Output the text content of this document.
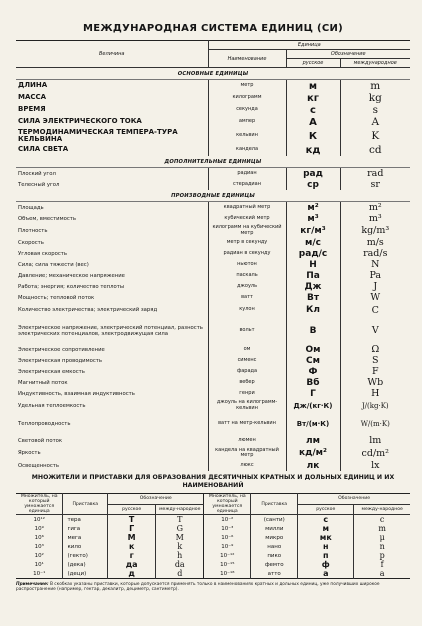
МЕЖДУНАРОДНАЯ СИСТЕМА ЕДИНИЦ (СИ)
Величина	Единица		
	Наименование	Обозначение	
		русское	международное
ОСНОВНЫЕ ЕДИНИЦЫ			
ДЛИНА	метр	м	m
МАССА	килограмм	кг	kg
ВРЕМЯ	секунда	с	s
СИЛА ЭЛЕКТРИЧЕСКОГО ТОКА	ампер	А	A
ТЕРМОДИНАМИЧЕСКАЯ ТЕМПЕРА-ТУРА КЕЛЬВИНА	кельвин	К	K
СИЛА СВЕТА	кандела	кд	cd
ДОПОЛНИТЕЛЬНЫЕ ЕДИНИЦЫ			
Плоский угол	радиан	рад	rad
Телесный угол	стерадиан	ср	sr
ПРОИЗВОДНЫЕ ЕДИНИЦЫ			
Площадь	квадратный метр	м²	m²
Объем, вместимость	кубический метр	м³	m³
Плотность	килограмм на кубический метр	кг/м³	kg/m³
Скорость	метр в секунду	м/с	m/s
Угловая скорость	радиан в секунду	рад/с	rad/s
Сила; сила тяжести (вес)	ньютон	Н	N
Давление; механическое напряжение	паскаль	Па	Pa
Работа; энергия; количество теплоты	джоуль	Дж	J
Мощность; тепловой поток	ватт	Вт	W
Количество электричества; электрический заряд	кулон	Кл	C
Электрическое напряжение, электрический потенциал, разность электрических потенциалов, электродвижущая сила	вольт	В	V
Электрическое сопротивление	ом	Ом	Ω
Электрическая проводимость	сименс	См	S
Электрическая емкость	фарада	Ф	F
Магнитный поток	вебер	Вб	Wb
Индуктивность, взаимная индуктивность	генри	Г	H
Удельная теплоемкость	джоуль на килограмм-кельвин	Дж/(кг·К)	J/(kg·K)
Теплопроводность	ватт на метр-кельвин	Вт/(м·К)	W/(m·K)
Световой поток	люмен	лм	lm
Яркость	кандела на квадратный метр	кд/м²	cd/m²
Освещенность	люкс	лк	lx
МНОЖИТЕЛИ И ПРИСТАВКИ ДЛЯ ОБРАЗОВАНИЯ ДЕСЯТИЧНЫХ КРАТНЫХ И ДОЛЬНЫХ ЕДИНИЦ И ИХ НАИМЕНОВАНИЙ
Множитель, на который умножается единица	Приставка	Обозначение		Множитель, на который умножается единица	Приставка	Обозначение	
		русское	между-народное			русское	между-народное
10¹²	тера	Т	T	10⁻²	(санти)	с	c
10⁹	гига	Г	G	10⁻³	милли	м	m
10⁶	мега	М	M	10⁻⁶	микро	мк	μ
10³	кило	к	k	10⁻⁹	нано	н	n
10²	(гекто)	г	h	10⁻¹²	пико	п	p
10¹	(дека)	да	da	10⁻¹⁵	фемто	ф	f
10⁻¹	(деци)	д	d	10⁻¹⁸	атто	а	a

Примечание: В скобках указаны приставки, которые допускается применять только в наименованиях кратных и дольных единиц, уже получивших широкое распространение (например, гектар, декалитр, дециметр, сантиметр).
